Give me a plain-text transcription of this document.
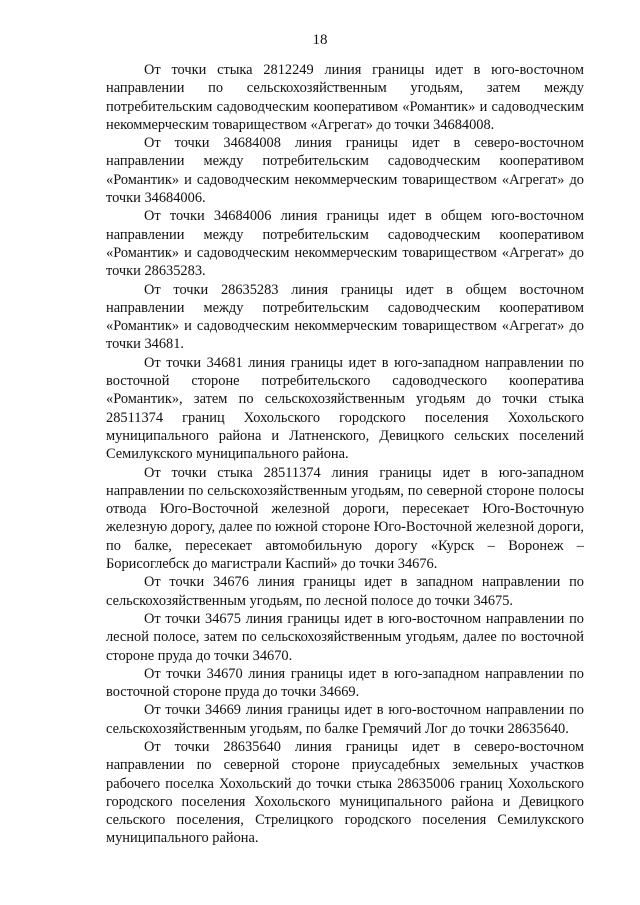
18

От точки стыка 2812249 линия границы идет в юго-восточном направлении по сельскохозяйственным угодьям, затем между потребительским садоводческим кооперативом «Романтик» и садоводческим некоммерческим товариществом «Агрегат» до точки 34684008.

От точки 34684008 линия границы идет в северо-восточном направлении между потребительским садоводческим кооперативом «Романтик» и садоводческим некоммерческим товариществом «Агрегат» до точки 34684006.

От точки 34684006 линия границы идет в общем юго-восточном направлении между потребительским садоводческим кооперативом «Романтик» и садоводческим некоммерческим товариществом «Агрегат» до точки 28635283.

От точки 28635283 линия границы идет в общем восточном направлении между потребительским садоводческим кооперативом «Романтик» и садоводческим некоммерческим товариществом «Агрегат» до точки 34681.

От точки 34681 линия границы идет в юго-западном направлении по восточной стороне потребительского садоводческого кооператива «Романтик», затем по сельскохозяйственным угодьям до точки стыка 28511374 границ Хохольского городского поселения Хохольского муниципального района и Латненского, Девицкого сельских поселений Семилукского муниципального района.

От точки стыка 28511374 линия границы идет в юго-западном направлении по сельскохозяйственным угодьям, по северной стороне полосы отвода Юго-Восточной железной дороги, пересекает Юго-Восточную железную дорогу, далее по южной стороне Юго-Восточной железной дороги, по балке, пересекает автомобильную дорогу «Курск – Воронеж – Борисоглебск до магистрали Каспий» до точки 34676.

От точки 34676 линия границы идет в западном направлении по сельскохозяйственным угодьям, по лесной полосе до точки 34675.

От точки 34675 линия границы идет в юго-восточном направлении по лесной полосе, затем по сельскохозяйственным угодьям, далее по восточной стороне пруда до точки 34670.

От точки 34670 линия границы идет в юго-западном направлении по восточной стороне пруда до точки 34669.

От точки 34669 линия границы идет в юго-восточном направлении по сельскохозяйственным угодьям, по балке Гремячий Лог до точки 28635640.

От точки 28635640 линия границы идет в северо-восточном направлении по северной стороне приусадебных земельных участков рабочего поселка Хохольский до точки стыка 28635006 границ Хохольского городского поселения Хохольского муниципального района и Девицкого сельского поселения, Стрелицкого городского поселения Семилукского муниципального района.
